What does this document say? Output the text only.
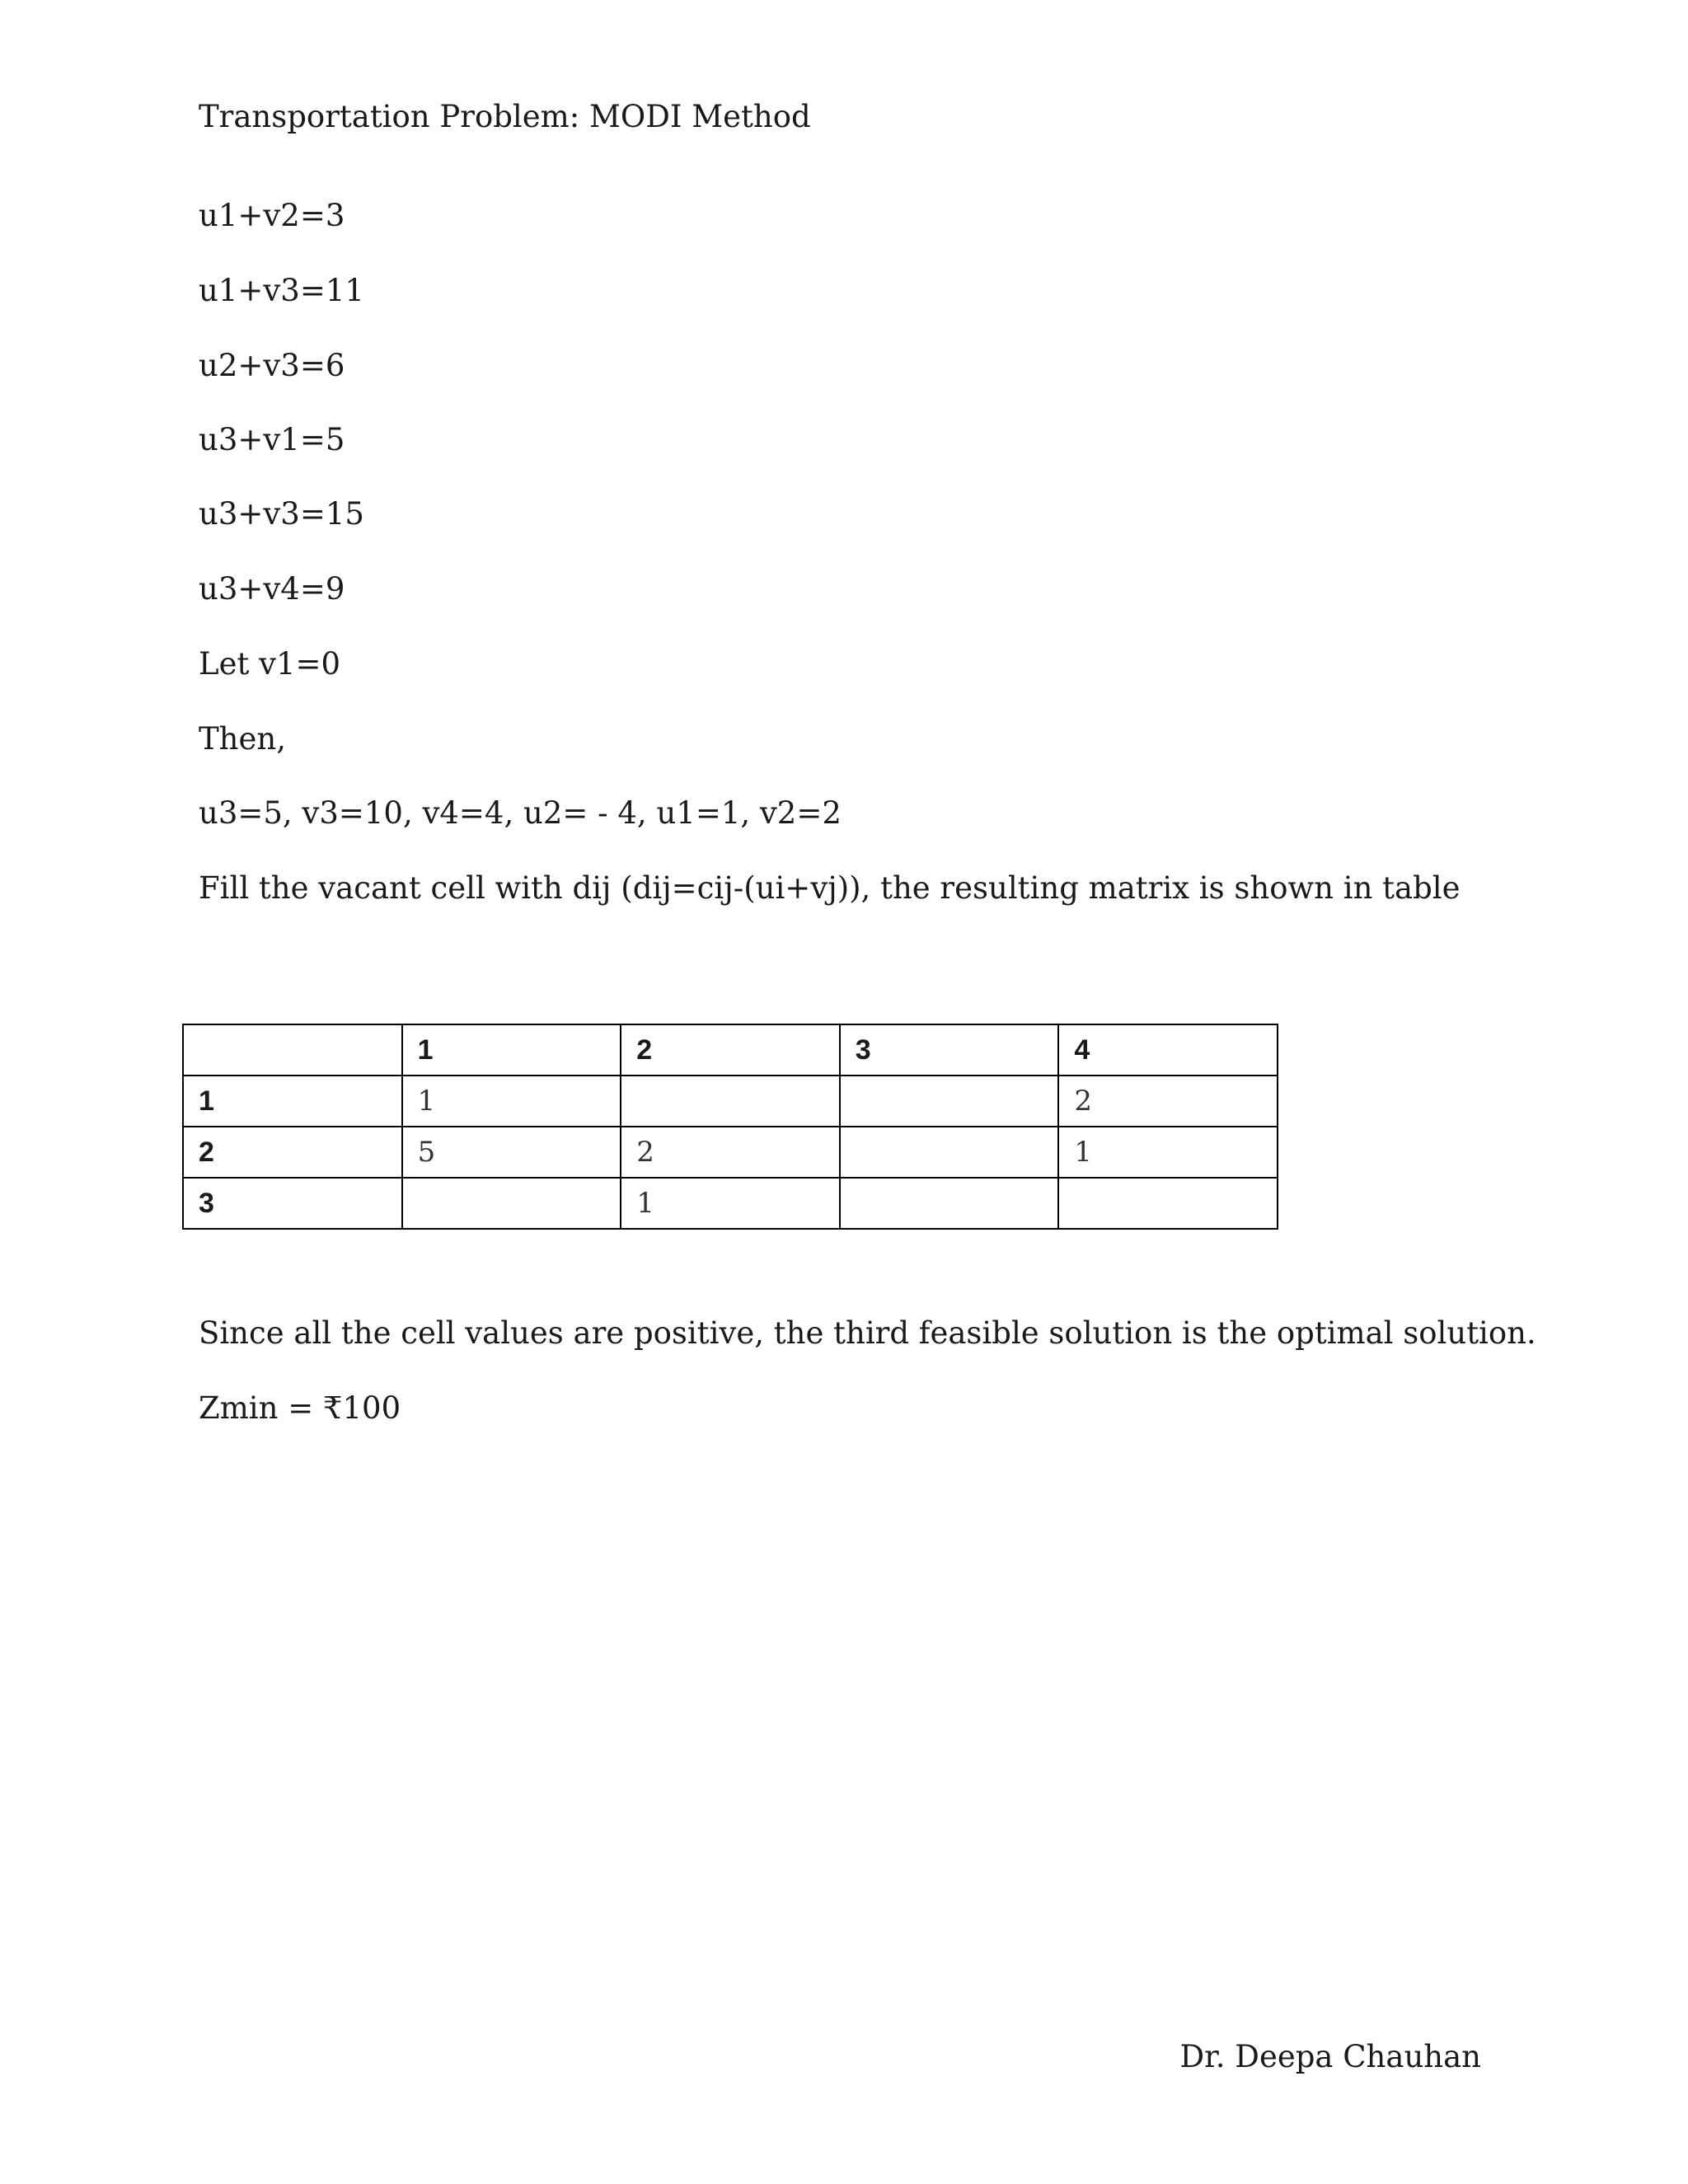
Transportation Problem: MODI Method
u1+v2=3
u1+v3=11
u2+v3=6
u3+v1=5
u3+v3=15
u3+v4=9
Let v1=0
Then,
u3=5, v3=10, v4=4, u2= - 4, u1=1, v2=2
Fill the vacant cell with dij (dij=cij-(ui+vj)), the resulting matrix is shown in table
	1	2	3	4
1	1			2
2	5	2		1
3		1		
Since all the cell values are positive, the third feasible solution is the optimal solution.
Zmin = ₹100
Dr. Deepa Chauhan
